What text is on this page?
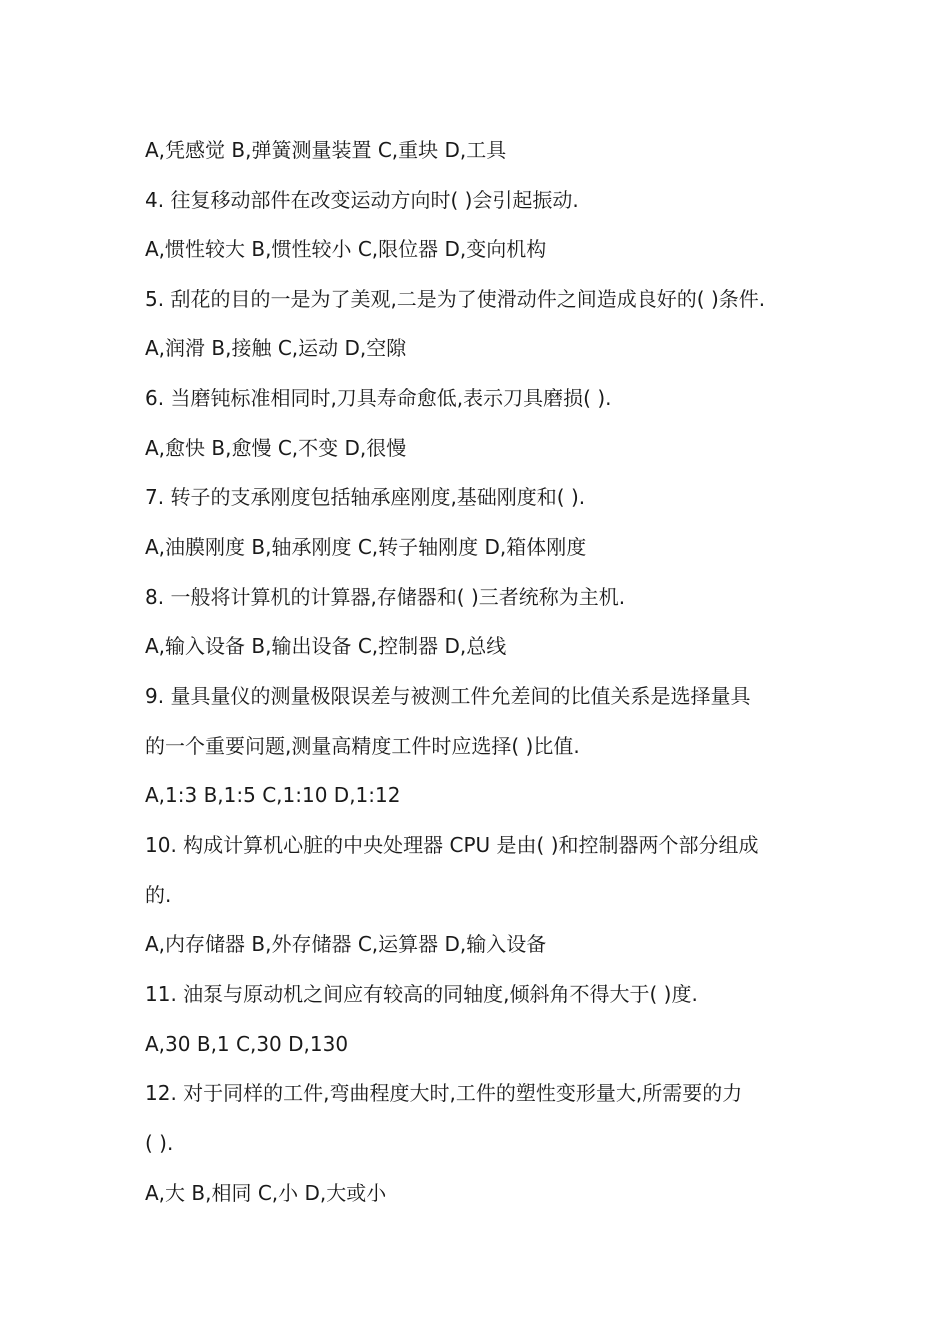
A,凭感觉 B,弹簧测量装置 C,重块 D,工具
4. 往复移动部件在改变运动方向时( )会引起振动.
A,惯性较大 B,惯性较小 C,限位器 D,变向机构
5. 刮花的目的一是为了美观,二是为了使滑动件之间造成良好的( )条件.
A,润滑 B,接触 C,运动 D,空隙
6. 当磨钝标准相同时,刀具寿命愈低,表示刀具磨损( ).
A,愈快 B,愈慢 C,不变 D,很慢
7. 转子的支承刚度包括轴承座刚度,基础刚度和( ).
A,油膜刚度 B,轴承刚度 C,转子轴刚度 D,箱体刚度
8. 一般将计算机的计算器,存储器和( )三者统称为主机.
A,输入设备 B,输出设备 C,控制器 D,总线
9. 量具量仪的测量极限误差与被测工件允差间的比值关系是选择量具
的一个重要问题,测量高精度工件时应选择( )比值.
A,1:3 B,1:5 C,1:10 D,1:12
10. 构成计算机心脏的中央处理器 CPU 是由( )和控制器两个部分组成
的.
A,内存储器 B,外存储器 C,运算器 D,输入设备
11. 油泵与原动机之间应有较高的同轴度,倾斜角不得大于( )度.
A,30 B,1 C,30 D,130
12. 对于同样的工件,弯曲程度大时,工件的塑性变形量大,所需要的力
( ).
A,大 B,相同 C,小 D,大或小
